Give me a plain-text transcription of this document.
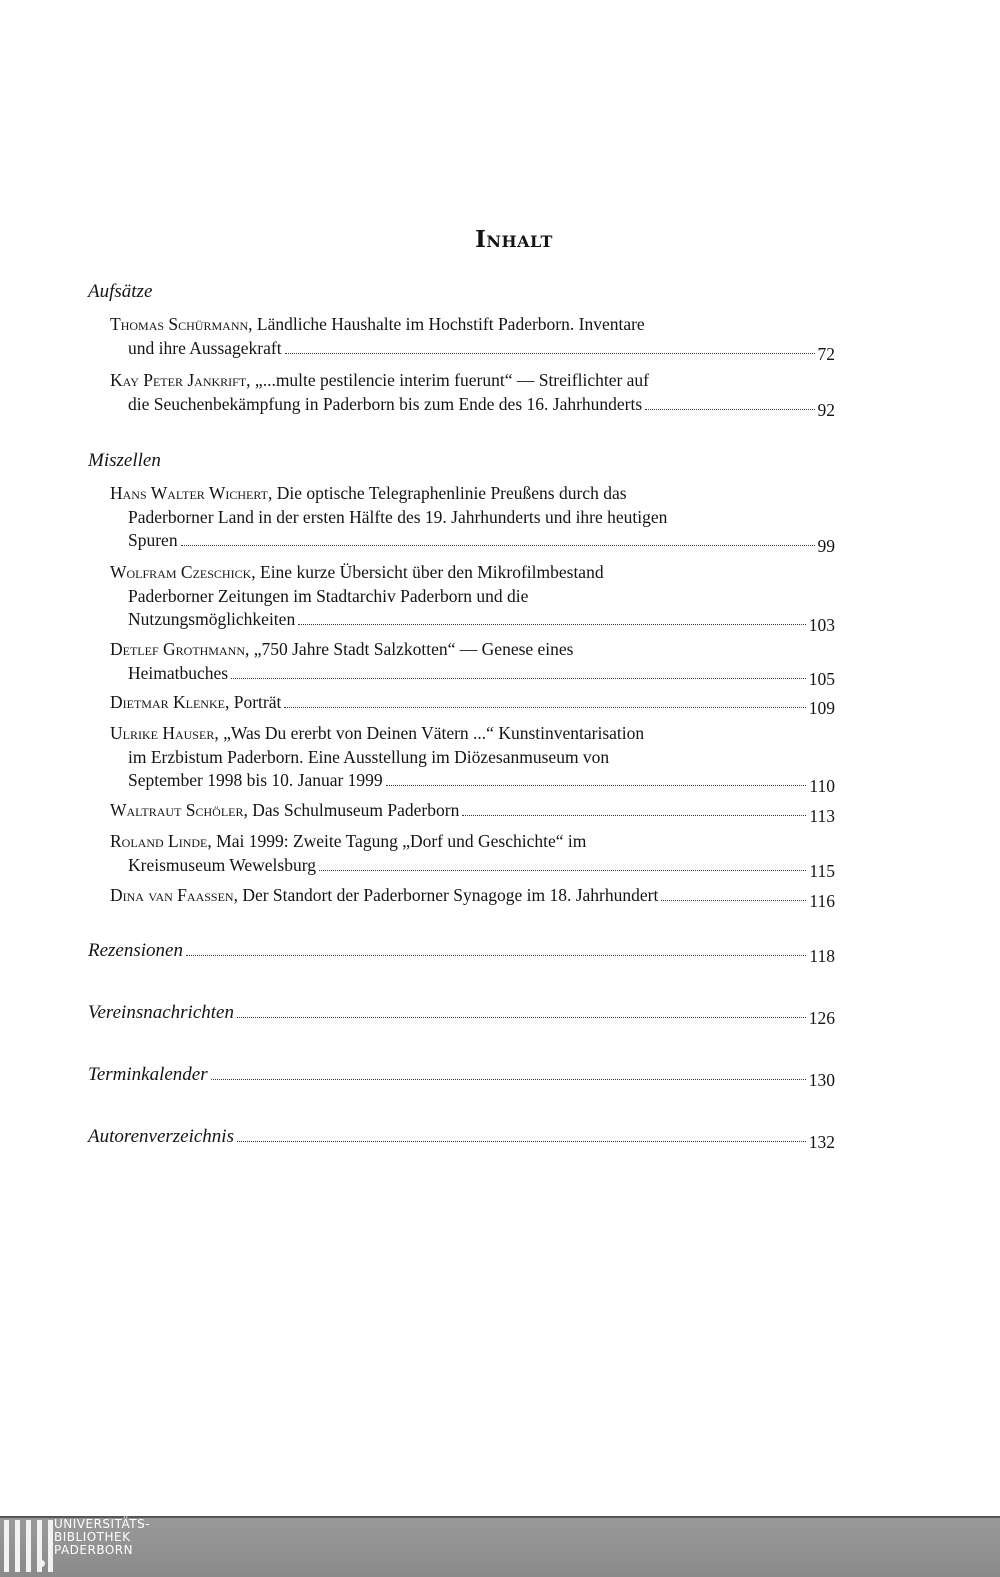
Inhalt
Aufsätze
Thomas Schürmann, Ländliche Haushalte im Hochstift Paderborn. Inventare
und ihre Aussagekraft	72
Kay Peter Jankrift, „...multe pestilencie interim fuerunt“ — Streiflichter auf
die Seuchenbekämpfung in Paderborn bis zum Ende des 16. Jahrhunderts	92
Miszellen
Hans Walter Wichert, Die optische Telegraphenlinie Preußens durch das
Paderborner Land in der ersten Hälfte des 19. Jahrhunderts und ihre heutigen
Spuren	99
Wolfram Czeschick, Eine kurze Übersicht über den Mikrofilmbestand
Paderborner Zeitungen im Stadtarchiv Paderborn und die
Nutzungsmöglichkeiten	103
Detlef Grothmann, „750 Jahre Stadt Salzkotten“ — Genese eines
Heimatbuches	105
Dietmar Klenke, Porträt	109
Ulrike Hauser, „Was Du ererbt von Deinen Vätern ...“ Kunstinventarisation
im Erzbistum Paderborn. Eine Ausstellung im Diözesanmuseum von
September 1998 bis 10. Januar 1999	110
Waltraut Schöler, Das Schulmuseum Paderborn	113
Roland Linde, Mai 1999: Zweite Tagung „Dorf und Geschichte“ im
Kreismuseum Wewelsburg	115
Dina van Faassen, Der Standort der Paderborner Synagoge im 18. Jahrhundert	116
Rezensionen	118
Vereinsnachrichten	126
Terminkalender	130
Autorenverzeichnis	132
UNIVERSITÄTS-
BIBLIOTHEK
PADERBORN
